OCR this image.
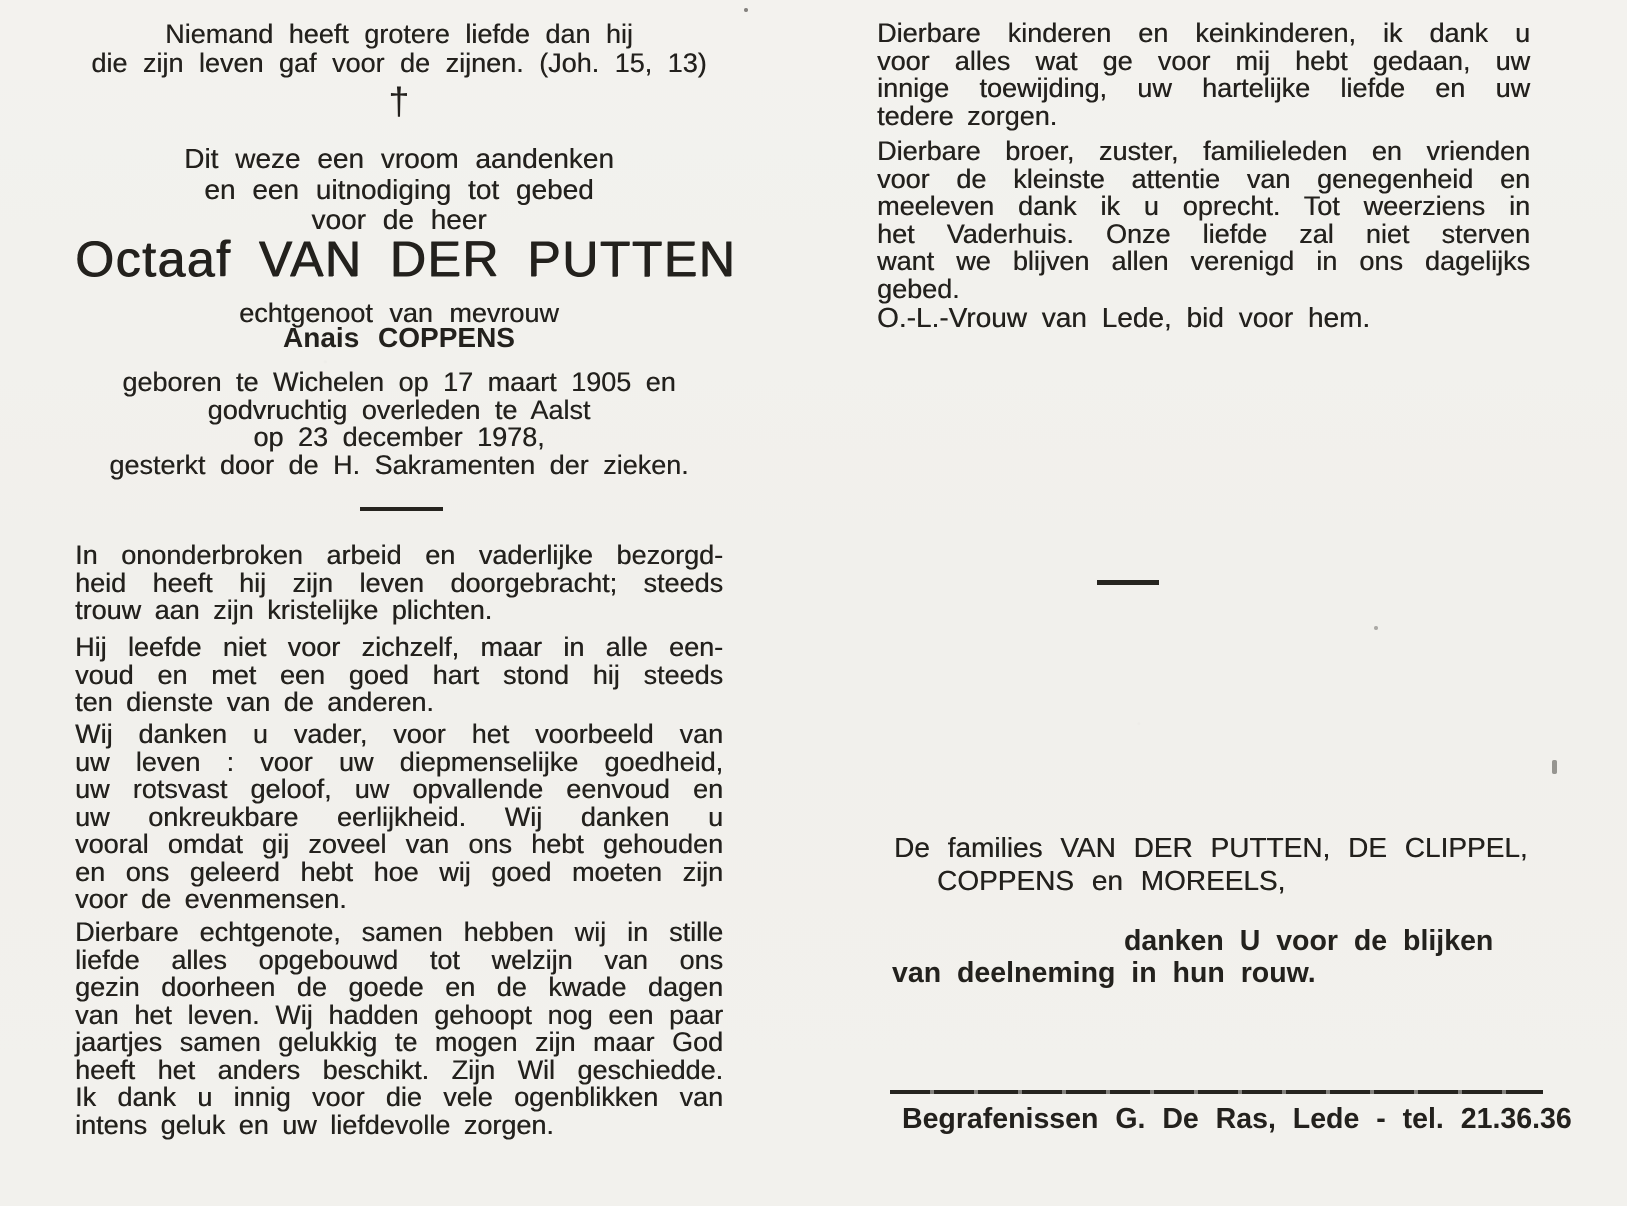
Niemand heeft grotere liefde dan hij
die zijn leven gaf voor de zijnen. (Joh. 15, 13)
†
Dit weze een vroom aandenken
en een uitnodiging tot gebed
voor de heer
Octaaf VAN DER PUTTEN
echtgenoot van mevrouw
Anais COPPENS
geboren te Wichelen op 17 maart 1905 en
godvruchtig overleden te Aalst
op 23 december 1978,
gesterkt door de H. Sakramenten der zieken.
In ononderbroken arbeid en vaderlijke bezorgd-
heid heeft hij zijn leven doorgebracht; steeds
trouw aan zijn kristelijke plichten.
Hij leefde niet voor zichzelf, maar in alle een-
voud en met een goed hart stond hij steeds
ten dienste van de anderen.
Wij danken u vader, voor het voorbeeld van
uw leven : voor uw diepmenselijke goedheid,
uw rotsvast geloof, uw opvallende eenvoud en
uw onkreukbare eerlijkheid. Wij danken u
vooral omdat gij zoveel van ons hebt gehouden
en ons geleerd hebt hoe wij goed moeten zijn
voor de evenmensen.
Dierbare echtgenote, samen hebben wij in stille
liefde alles opgebouwd tot welzijn van ons
gezin doorheen de goede en de kwade dagen
van het leven. Wij hadden gehoopt nog een paar
jaartjes samen gelukkig te mogen zijn maar God
heeft het anders beschikt. Zijn Wil geschiedde.
Ik dank u innig voor die vele ogenblikken van
intens geluk en uw liefdevolle zorgen.
Dierbare kinderen en keinkinderen, ik dank u
voor alles wat ge voor mij hebt gedaan, uw
innige toewijding, uw hartelijke liefde en uw
tedere zorgen.
Dierbare broer, zuster, familieleden en vrienden
voor de kleinste attentie van genegenheid en
meeleven dank ik u oprecht. Tot weerziens in
het Vaderhuis. Onze liefde zal niet sterven
want we blijven allen verenigd in ons dagelijks
gebed.
O.-L.-Vrouw van Lede, bid voor hem.
De families VAN DER PUTTEN, DE CLIPPEL,
COPPENS en MOREELS,
danken U voor de blijken
van deelneming in hun rouw.
Begrafenissen G. De Ras, Lede - tel. 21.36.36
